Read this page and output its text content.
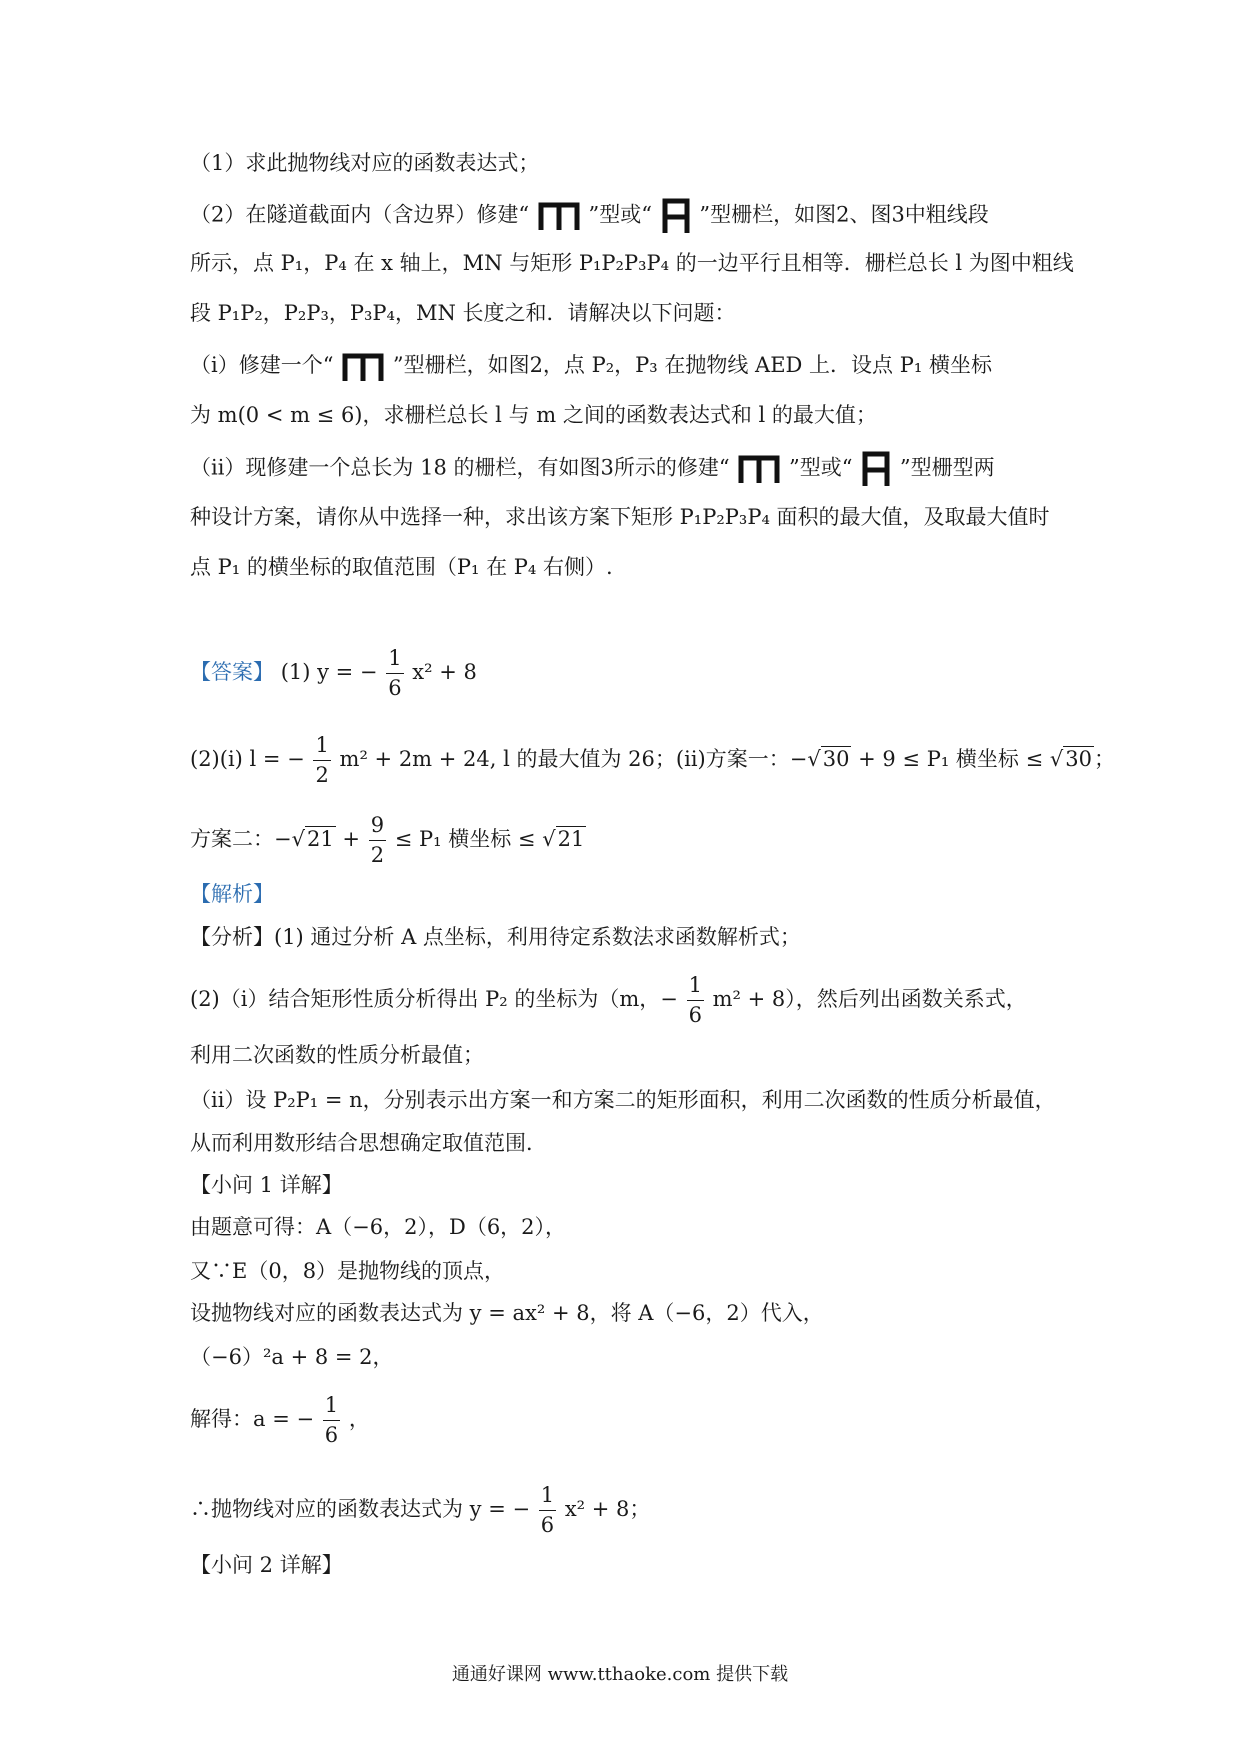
（1）求此抛物线对应的函数表达式；
（2）在隧道截面内（含边界）修建“	”型或“ ”型栅栏，如图2、图3中粗线段
所示，点 P₁，P₄ 在 x 轴上，MN 与矩形 P₁P₂P₃P₄ 的一边平行且相等．栅栏总长 l 为图中粗线
段 P₁P₂，P₂P₃，P₃P₄，MN 长度之和．请解决以下问题：
（ⅰ）修建一个“	”型栅栏，如图2，点 P₂，P₃ 在抛物线 AED 上．设点 P₁ 横坐标
为 m(0 < m ≤ 6)，求栅栏总长 l 与 m 之间的函数表达式和 l 的最大值；
（ⅱ）现修建一个总长为 18 的栅栏，有如图3所示的修建“	”型或“ ”型栅型两
种设计方案，请你从中选择一种，求出该方案下矩形 P₁P₂P₃P₄ 面积的最大值，及取最大值时
点 P₁ 的横坐标的取值范围（P₁ 在 P₄ 右侧）.
【答案】 (1) y = − $\frac{1}{6} x^2 + 8$
(2)(ⅰ) l = − $\frac{1}{2} m^2 + 2m + 24$, l 的最大值为 26；(ⅱ)方案一：−√30 + 9 ≤ P₁ 横坐标 ≤ √30；
方案二：$-√21 + \frac{9}{2} \le P_1$ 横坐标 ≤ √21
【解析】
【分析】(1) 通过分析 A 点坐标，利用待定系数法求函数解析式；
(2)（ⅰ）结合矩形性质分析得出 P₂ 的坐标为（m，− $\frac{1}{6} m^2 + 8$），然后列出函数关系式，
利用二次函数的性质分析最值；
（ⅱ）设 P₂P₁ = n，分别表示出方案一和方案二的矩形面积，利用二次函数的性质分析最值，
从而利用数形结合思想确定取值范围．
【小问 1 详解】
由题意可得：A（−6，2），D（6，2），
又∵E（0，8）是抛物线的顶点，
设抛物线对应的函数表达式为 y = ax² + 8，将 A（−6，2）代入，
（−6）²a + 8 = 2，
解得：a = − $\frac{1}{6}$ ，
∴抛物线对应的函数表达式为 y = − $\frac{1}{6} x^2 + 8$；
【小问 2 详解】
通通好课网 www.tthaoke.com 提供下载
